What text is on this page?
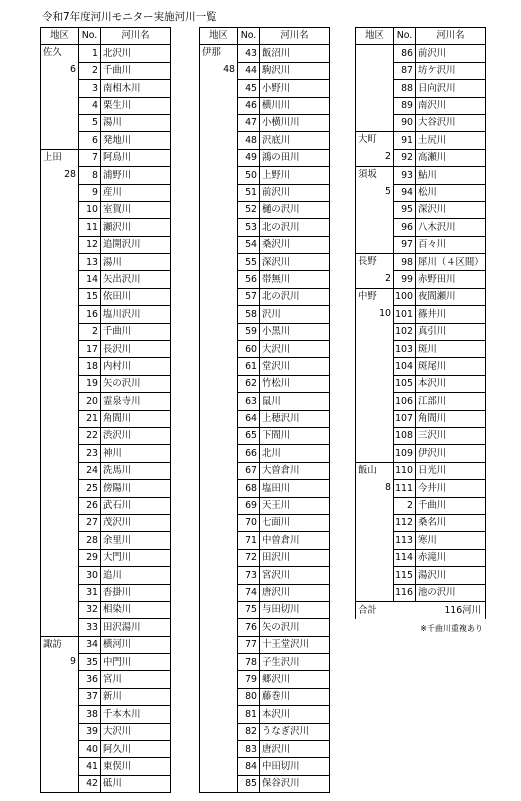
令和7年度河川モニター実施河川一覧
地区	No.	河川名

佐久	1	北沢川

6	2	千曲川
	3	南相木川
	4	栗生川
	5	湯川
	6	発地川

上田	7	阿鳥川

28	8	浦野川
	9	産川
	10	室賀川
	11	瀬沢川
	12	追開沢川
	13	湯川
	14	矢出沢川
	15	依田川
	16	塩川沢川
	2	千曲川
	17	長沢川
	18	内村川
	19	矢の沢川
	20	霊泉寺川
	21	角間川
	22	渋沢川
	23	神川
	24	洗馬川
	25	傍陽川
	26	武石川
	27	茂沢川
	28	余里川
	29	大門川
	30	追川
	31	沓掛川
	32	相染川
	33	田沢湯川

諏訪	34	横河川

9	35	中門川
	36	宮川
	37	新川
	38	千本木川
	39	大沢川
	40	阿久川
	41	東俣川
	42	砥川
地区	No.	河川名

伊那	43	飯沼川

48	44	駒沢川
	45	小野川
	46	横川川
	47	小横川川
	48	沢底川
	49	鴻の田川
	50	上野川
	51	前沢川
	52	樋の沢川
	53	北の沢川
	54	桑沢川
	55	深沢川
	56	帯無川
	57	北の沢川
	58	沢川
	59	小黒川
	60	大沢川
	61	堂沢川
	62	竹松川
	63	鼠川
	64	上穂沢川
	65	下間川
	66	北川
	67	大曽倉川
	68	塩田川
	69	天王川
	70	七面川
	71	中曽倉川
	72	田沢川
	73	宮沢川
	74	唐沢川
	75	与田切川
	76	矢の沢川
	77	十王堂沢川
	78	子生沢川
	79	郷沢川
	80	藤巻川
	81	本沢川
	82	うなぎ沢川
	83	唐沢川
	84	中田切川
	85	保谷沢川
地区	No.	河川名
	86	前沢川
	87	坊ケ沢川
	88	日向沢川
	89	南沢川
	90	大谷沢川

大町	91	土尻川

2	92	高瀬川

須坂	93	鮎川

5	94	松川
	95	深沢川
	96	八木沢川
	97	百々川

長野	98	犀川（４区間）

2	99	赤野田川

中野	100	夜間瀬川

10	101	篠井川
	102	真引川
	103	斑川
	104	斑尾川
	105	本沢川
	106	江部川
	107	角間川
	108	三沢川
	109	伊沢川

飯山	110	日光川

8	111	今井川
	2	千曲川
	112	桑名川
	113	寒川
	114	赤滝川
	115	湯沢川
	116	池の沢川
合計	116河川	
※千曲川重複あり
